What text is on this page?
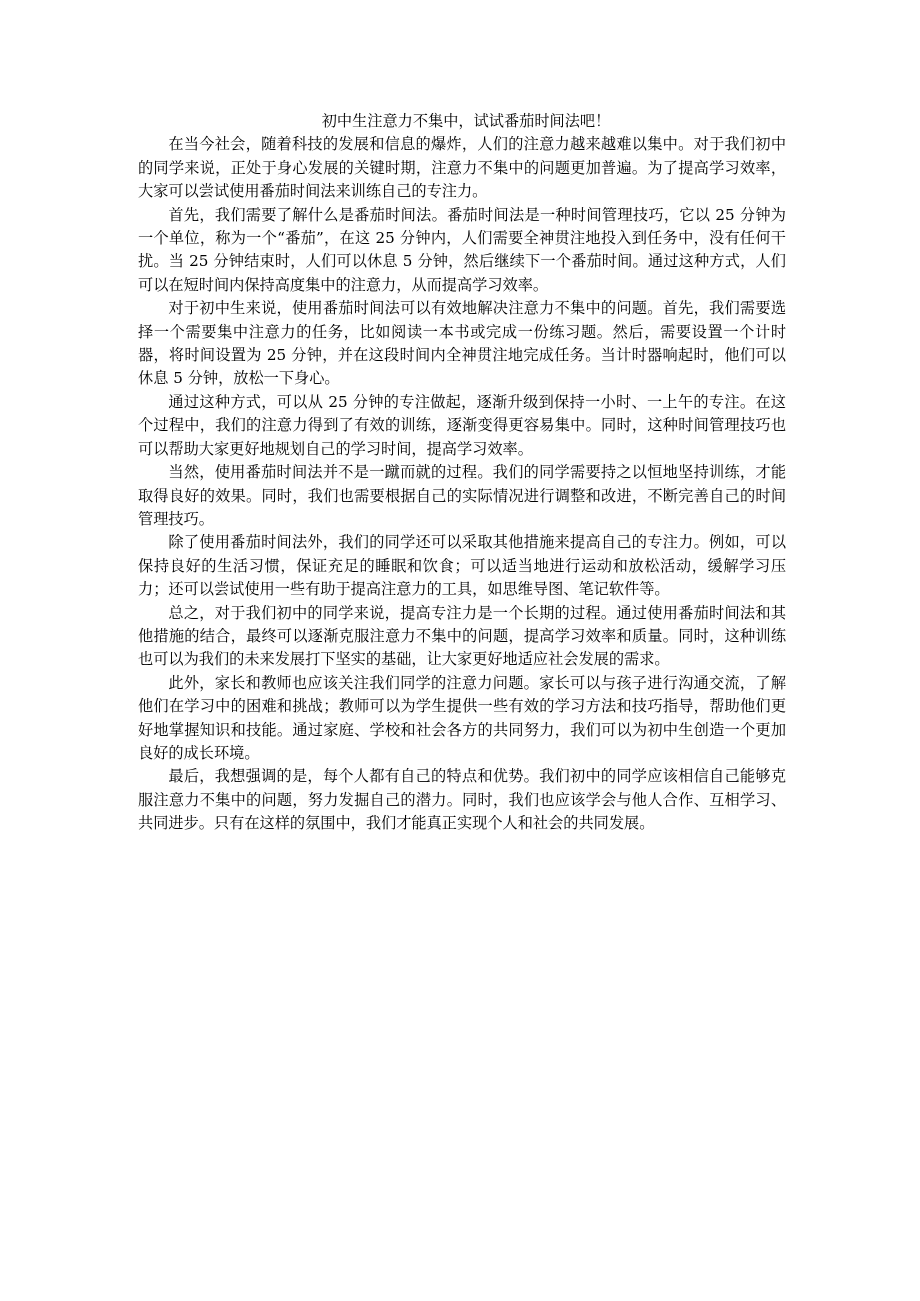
初中生注意力不集中，试试番茄时间法吧！

在当今社会，随着科技的发展和信息的爆炸，人们的注意力越来越难以集中。对于我们初中的同学来说，正处于身心发展的关键时期，注意力不集中的问题更加普遍。为了提高学习效率，大家可以尝试使用番茄时间法来训练自己的专注力。

首先，我们需要了解什么是番茄时间法。番茄时间法是一种时间管理技巧，它以 25 分钟为一个单位，称为一个“番茄”，在这 25 分钟内，人们需要全神贯注地投入到任务中，没有任何干扰。当 25 分钟结束时，人们可以休息 5 分钟，然后继续下一个番茄时间。通过这种方式，人们可以在短时间内保持高度集中的注意力，从而提高学习效率。

对于初中生来说，使用番茄时间法可以有效地解决注意力不集中的问题。首先，我们需要选择一个需要集中注意力的任务，比如阅读一本书或完成一份练习题。然后，需要设置一个计时器，将时间设置为 25 分钟，并在这段时间内全神贯注地完成任务。当计时器响起时，他们可以休息 5 分钟，放松一下身心。

通过这种方式，可以从 25 分钟的专注做起，逐渐升级到保持一小时、一上午的专注。在这个过程中，我们的注意力得到了有效的训练，逐渐变得更容易集中。同时，这种时间管理技巧也可以帮助大家更好地规划自己的学习时间，提高学习效率。

当然，使用番茄时间法并不是一蹴而就的过程。我们的同学需要持之以恒地坚持训练，才能取得良好的效果。同时，我们也需要根据自己的实际情况进行调整和改进，不断完善自己的时间管理技巧。

除了使用番茄时间法外，我们的同学还可以采取其他措施来提高自己的专注力。例如，可以保持良好的生活习惯，保证充足的睡眠和饮食；可以适当地进行运动和放松活动，缓解学习压力；还可以尝试使用一些有助于提高注意力的工具，如思维导图、笔记软件等。

总之，对于我们初中的同学来说，提高专注力是一个长期的过程。通过使用番茄时间法和其他措施的结合，最终可以逐渐克服注意力不集中的问题，提高学习效率和质量。同时，这种训练也可以为我们的未来发展打下坚实的基础，让大家更好地适应社会发展的需求。

此外，家长和教师也应该关注我们同学的注意力问题。家长可以与孩子进行沟通交流，了解他们在学习中的困难和挑战；教师可以为学生提供一些有效的学习方法和技巧指导，帮助他们更好地掌握知识和技能。通过家庭、学校和社会各方的共同努力，我们可以为初中生创造一个更加良好的成长环境。

最后，我想强调的是，每个人都有自己的特点和优势。我们初中的同学应该相信自己能够克服注意力不集中的问题，努力发掘自己的潜力。同时，我们也应该学会与他人合作、互相学习、共同进步。只有在这样的氛围中，我们才能真正实现个人和社会的共同发展。
